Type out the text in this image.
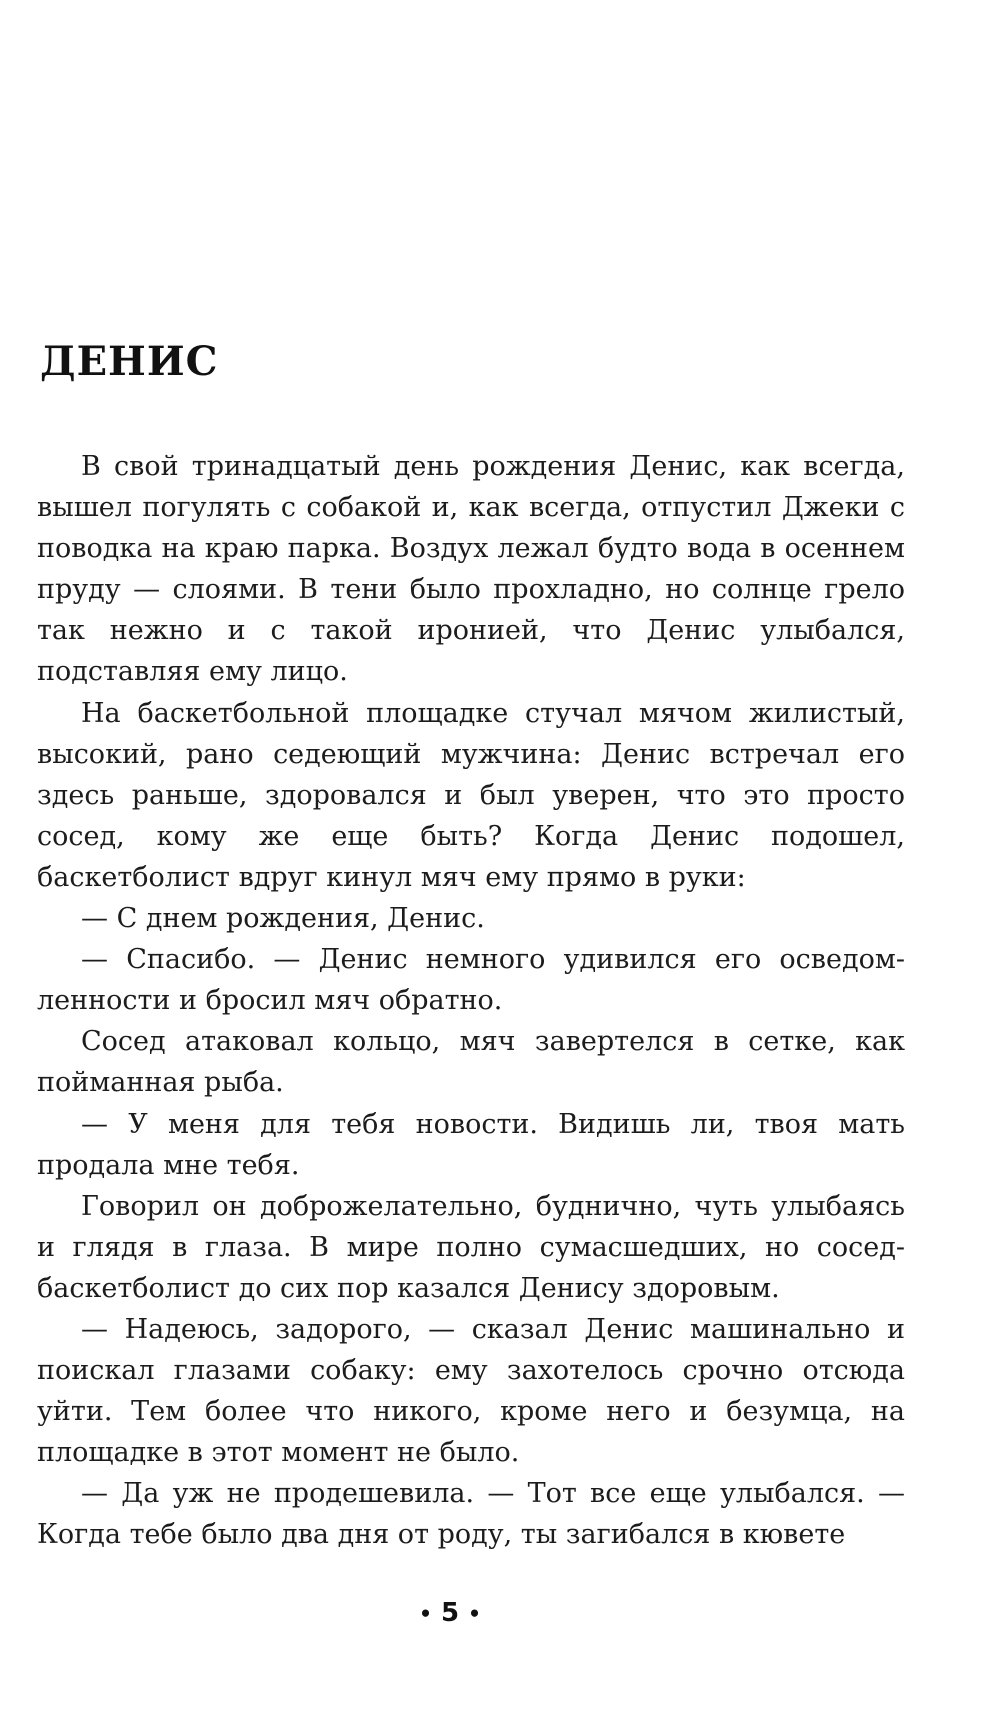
ДЕНИС

В свой тринадцатый день рождения Денис, как всегда, вышел погулять с собакой и, как всегда, отпустил Джеки с поводка на краю парка. Воздух лежал будто вода в осеннем пруду — слоями. В тени было прохладно, но солнце грело так нежно и с такой иронией, что Денис улыбался, подставляя ему лицо.

На баскетбольной площадке стучал мячом жилистый, высокий, рано седеющий мужчина: Денис встречал его здесь раньше, здоровался и был уверен, что это просто сосед, кому же еще быть? Когда Денис подошел, баскетболист вдруг кинул мяч ему прямо в руки:

— С днем рождения, Денис.

— Спасибо. — Денис немного удивился его осведомленности и бросил мяч обратно.

Сосед атаковал кольцо, мяч завертелся в сетке, как пойманная рыба.

— У меня для тебя новости. Видишь ли, твоя мать продала мне тебя.

Говорил он доброжелательно, буднично, чуть улыбаясь и глядя в глаза. В мире полно сумасшедших, но сосед-баскетболист до сих пор казался Денису здоровым.

— Надеюсь, задорого, — сказал Денис машинально и поискал глазами собаку: ему захотелось срочно отсюда уйти. Тем более что никого, кроме него и безумца, на площадке в этот момент не было.

— Да уж не продешевила. — Тот все еще улыбался. — Когда тебе было два дня от роду, ты загибался в кювете

• 5 •
